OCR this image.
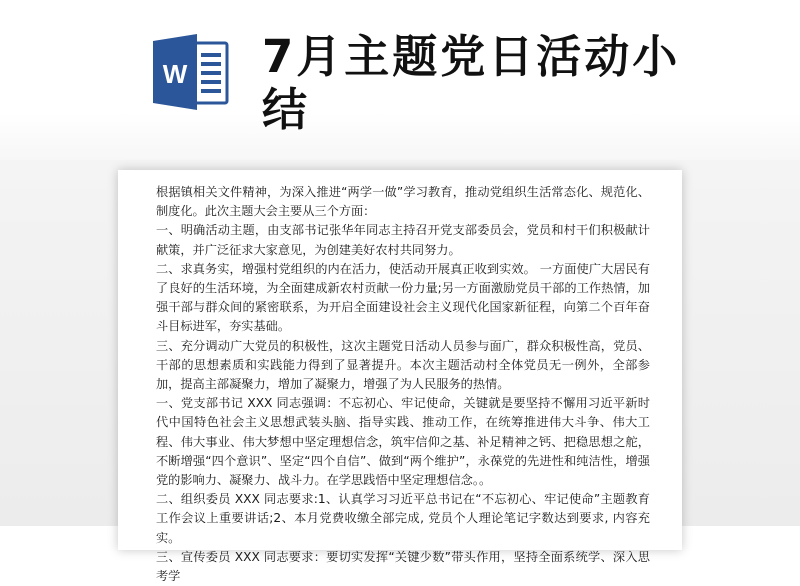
W 7月主题党日活动小结

根据镇相关文件精神，为深入推进“两学一做”学习教育，推动党组织生活常态化、规范化、制度化。此次主题大会主要从三个方面：

一、明确活动主题，由支部书记张华年同志主持召开党支部委员会，党员和村干们积极献计献策，并广泛征求大家意见，为创建美好农村共同努力。

二、求真务实，增强村党组织的内在活力，使活动开展真正收到实效。 一方面使广大居民有了良好的生活环境，为全面建成新农村贡献一份力量;另一方面激励党员干部的工作热情，加强干部与群众间的紧密联系，为开启全面建设社会主义现代化国家新征程，向第二个百年奋斗目标进军，夯实基础。

三、充分调动广大党员的积极性，这次主题党日活动人员参与面广，群众积极性高，党员、干部的思想素质和实践能力得到了显著提升。本次主题活动村全体党员无一例外，全部参加，提高主部凝聚力，增加了凝聚力，增强了为人民服务的热情。

一、党支部书记 XXX 同志强调：不忘初心、牢记使命，关键就是要坚持不懈用习近平新时代中国特色社会主义思想武装头脑、指导实践、推动工作，在统筹推进伟大斗争、伟大工程、伟大事业、伟大梦想中坚定理想信念，筑牢信仰之基、补足精神之钙、把稳思想之舵，不断增强“四个意识”、坚定“四个自信”、做到“两个维护”，永葆党的先进性和纯洁性，增强党的影响力、凝聚力、战斗力。在学思践悟中坚定理想信念。。

二、组织委员 XXX 同志要求:1、认真学习习近平总书记在“不忘初心、牢记使命”主题教育工作会议上重要讲话;2、本月党费收缴全部完成, 党员个人理论笔记字数达到要求, 内容充实。

三、宣传委员 XXX 同志要求：要切实发挥“关键少数”带头作用，坚持全面系统学、深入思考学
